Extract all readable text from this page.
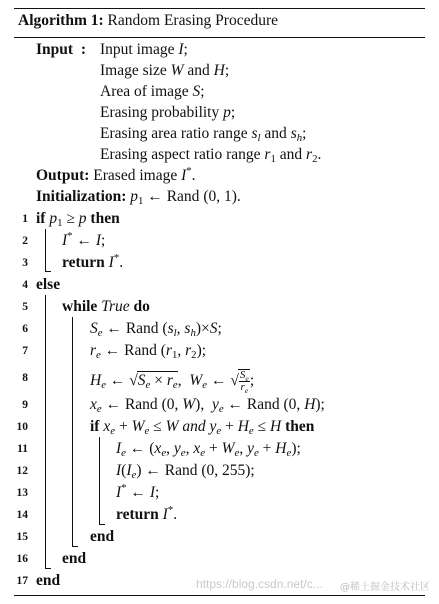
Algorithm 1: Random Erasing Procedure
Input : Input image I;
Image size W and H;
Area of image S;
Erasing probability p;
Erasing area ratio range $s_l$ and $s_h$;
Erasing aspect ratio range $r_1$ and $r_2$.
Output: Erased image I*.
Initialization: $p_1$ ← Rand (0, 1).
1
2
3
4
5
6
7
8
9
10
11
12
13
14
15
16
17
if $p_1 \ge p$ then
I* ← I;
return I*.
else
while True do
$S_e$ ← Rand ($s_l$, $s_h)\times S$;
$r_e$ ← Rand ($r_1$, $r_2$);
$H_e$ ← $√S_e \times r_e$,  $W_e$ ← √ $\frac{S_e}{r_e}$ ;
$x_e$ ← Rand (0, W),  $y_e$ ← Rand (0, H);
if $x_e + W_e \le W$ and $y_e + H_e \le H$ then
$I_e$ ← ($x_e$, $y_e$, $x_e + W_e$, $y_e + H_e$);
$I(I_e)$ ← Rand (0, 255);
I* ← I;
return I*.
end
end
end	https://blog.csdn.net/c... @稀土掘金技术社区
